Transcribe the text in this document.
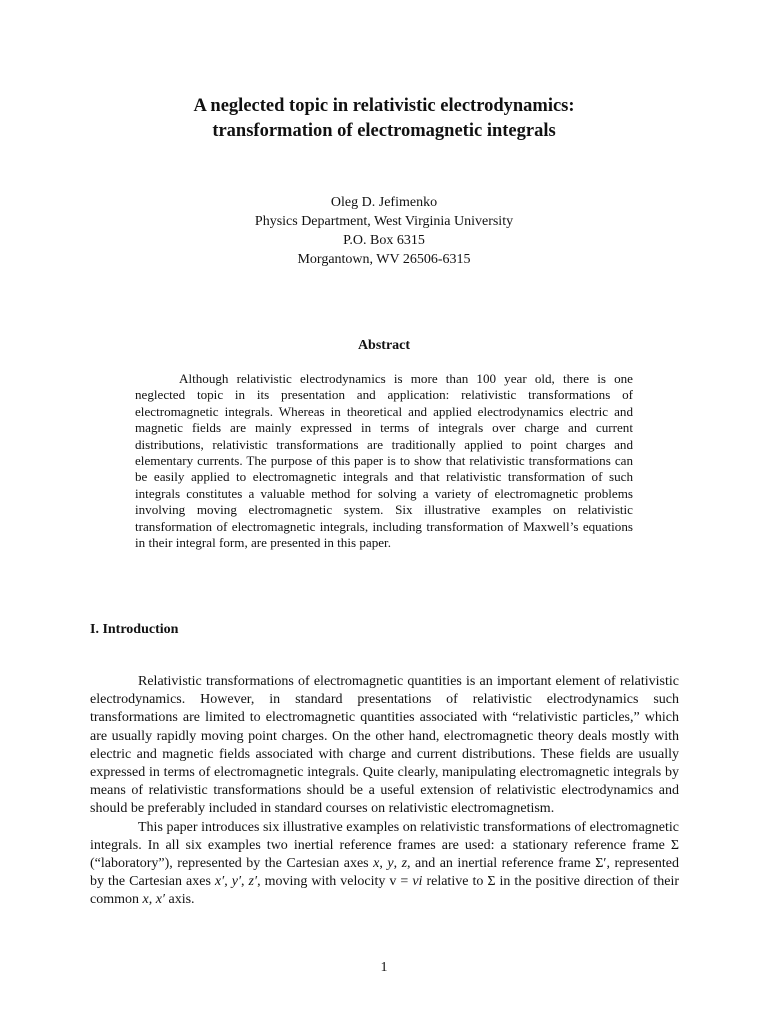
A neglected topic in relativistic electrodynamics:
transformation of electromagnetic integrals
Oleg D. Jefimenko
Physics Department, West Virginia University
P.O. Box 6315
Morgantown, WV 26506-6315
Abstract

Although relativistic electrodynamics is more than 100 year old, there is one neglected topic in its presentation and application: relativistic transformations of electromagnetic integrals. Whereas in theoretical and applied electrodynamics electric and magnetic fields are mainly expressed in terms of integrals over charge and current distributions, relativistic transformations are traditionally applied to point charges and elementary currents. The purpose of this paper is to show that relativistic transformations can be easily applied to electromagnetic integrals and that relativistic transformation of such integrals constitutes a valuable method for solving a variety of electromagnetic problems involving moving electromagnetic system. Six illustrative examples on relativistic transformation of electromagnetic integrals, including transformation of Maxwell’s equations in their integral form, are presented in this paper.

I. Introduction

Relativistic transformations of electromagnetic quantities is an important element of relativistic electrodynamics. However, in standard presentations of relativistic electrodynamics such transformations are limited to electromagnetic quantities associated with “relativistic particles,” which are usually rapidly moving point charges. On the other hand, electromagnetic theory deals mostly with electric and magnetic fields associated with charge and current distributions. These fields are usually expressed in terms of electromagnetic integrals. Quite clearly, manipulating electromagnetic integrals by means of relativistic transformations should be a useful extension of relativistic electrodynamics and should be preferably included in standard courses on relativistic electromagnetism.

This paper introduces six illustrative examples on relativistic transformations of electromagnetic integrals. In all six examples two inertial reference frames are used: a stationary reference frame Σ (“laboratory”), represented by the Cartesian axes x, y, z, and an inertial reference frame Σ′, represented by the Cartesian axes x′, y′, z′, moving with velocity v = vi relative to Σ in the positive direction of their common x, x′ axis.

1
